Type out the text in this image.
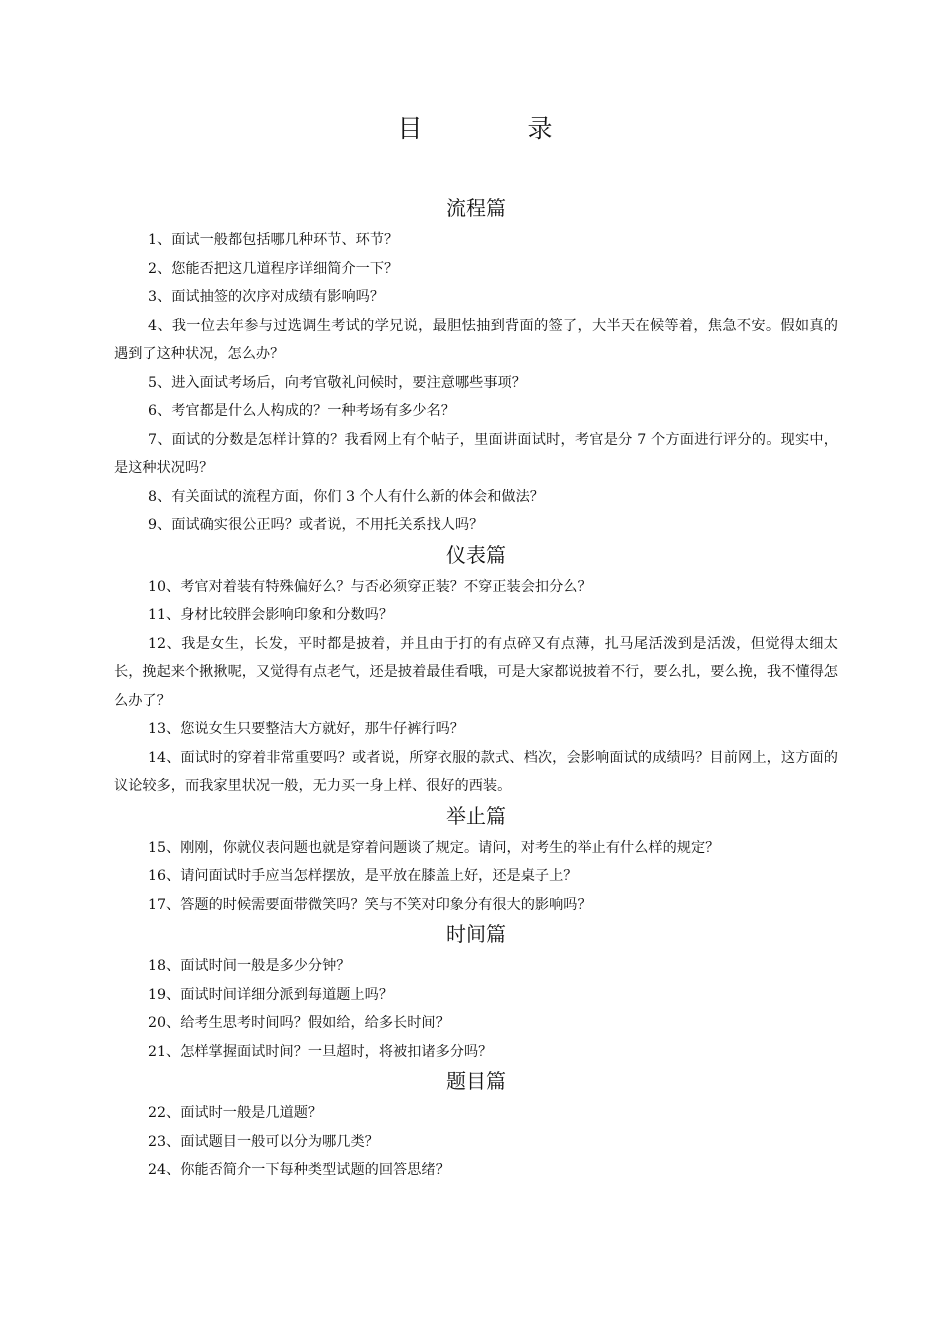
目　录
流程篇

1、面试一般都包括哪几种环节、环节？

2、您能否把这几道程序详细简介一下？

3、面试抽签的次序对成绩有影响吗？

4、我一位去年参与过选调生考试的学兄说，最胆怯抽到背面的签了，大半天在候等着，焦急不安。假如真的遇到了这种状况，怎么办？

5、进入面试考场后，向考官敬礼问候时，要注意哪些事项？

6、考官都是什么人构成的？一种考场有多少名？

7、面试的分数是怎样计算的？我看网上有个帖子，里面讲面试时，考官是分 7 个方面进行评分的。现实中，是这种状况吗？

8、有关面试的流程方面，你们 3 个人有什么新的体会和做法？

9、面试确实很公正吗？或者说，不用托关系找人吗？

仪表篇

10、考官对着装有特殊偏好么？与否必须穿正装？不穿正装会扣分么？

11、身材比较胖会影响印象和分数吗？

12、我是女生，长发，平时都是披着，并且由于打的有点碎又有点薄，扎马尾活泼到是活泼，但觉得太细太长，挽起来个揪揪呢，又觉得有点老气，还是披着最佳看哦，可是大家都说披着不行，要么扎，要么挽，我不懂得怎么办了？

13、您说女生只要整洁大方就好，那牛仔裤行吗？

14、面试时的穿着非常重要吗？或者说，所穿衣服的款式、档次，会影响面试的成绩吗？目前网上，这方面的议论较多，而我家里状况一般，无力买一身上样、很好的西装。

举止篇

15、刚刚，你就仪表问题也就是穿着问题谈了规定。请问，对考生的举止有什么样的规定？

16、请问面试时手应当怎样摆放，是平放在膝盖上好，还是桌子上？

17、答题的时候需要面带微笑吗？笑与不笑对印象分有很大的影响吗？

时间篇

18、面试时间一般是多少分钟？

19、面试时间详细分派到每道题上吗？

20、给考生思考时间吗？假如给，给多长时间？

21、怎样掌握面试时间？一旦超时，将被扣诸多分吗？

题目篇

22、面试时一般是几道题？

23、面试题目一般可以分为哪几类？

24、你能否简介一下每种类型试题的回答思绪？
